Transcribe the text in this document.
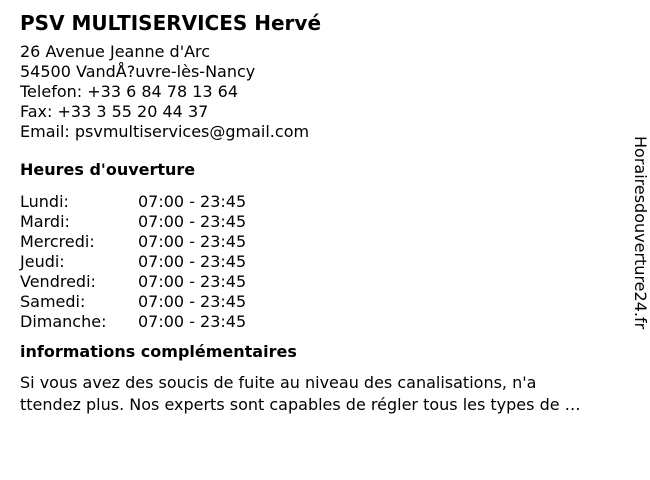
PSV MULTISERVICES Hervé
26 Avenue Jeanne d'Arc
54500 VandÅ?uvre-lès-Nancy
Telefon: +33 6 84 78 13 64
Fax: +33 3 55 20 44 37
Email: psvmultiservices@gmail.com
Heures d'ouverture
Lundi:	07:00 - 23:45
Mardi:	07:00 - 23:45
Mercredi:	07:00 - 23:45
Jeudi:	07:00 - 23:45
Vendredi:	07:00 - 23:45
Samedi:	07:00 - 23:45
Dimanche:	07:00 - 23:45
informations complémentaires
Si vous avez des soucis de fuite au niveau des canalisations, n'a
ttendez plus. Nos experts sont capables de régler tous les types de …
Horairesdouverture24.fr
